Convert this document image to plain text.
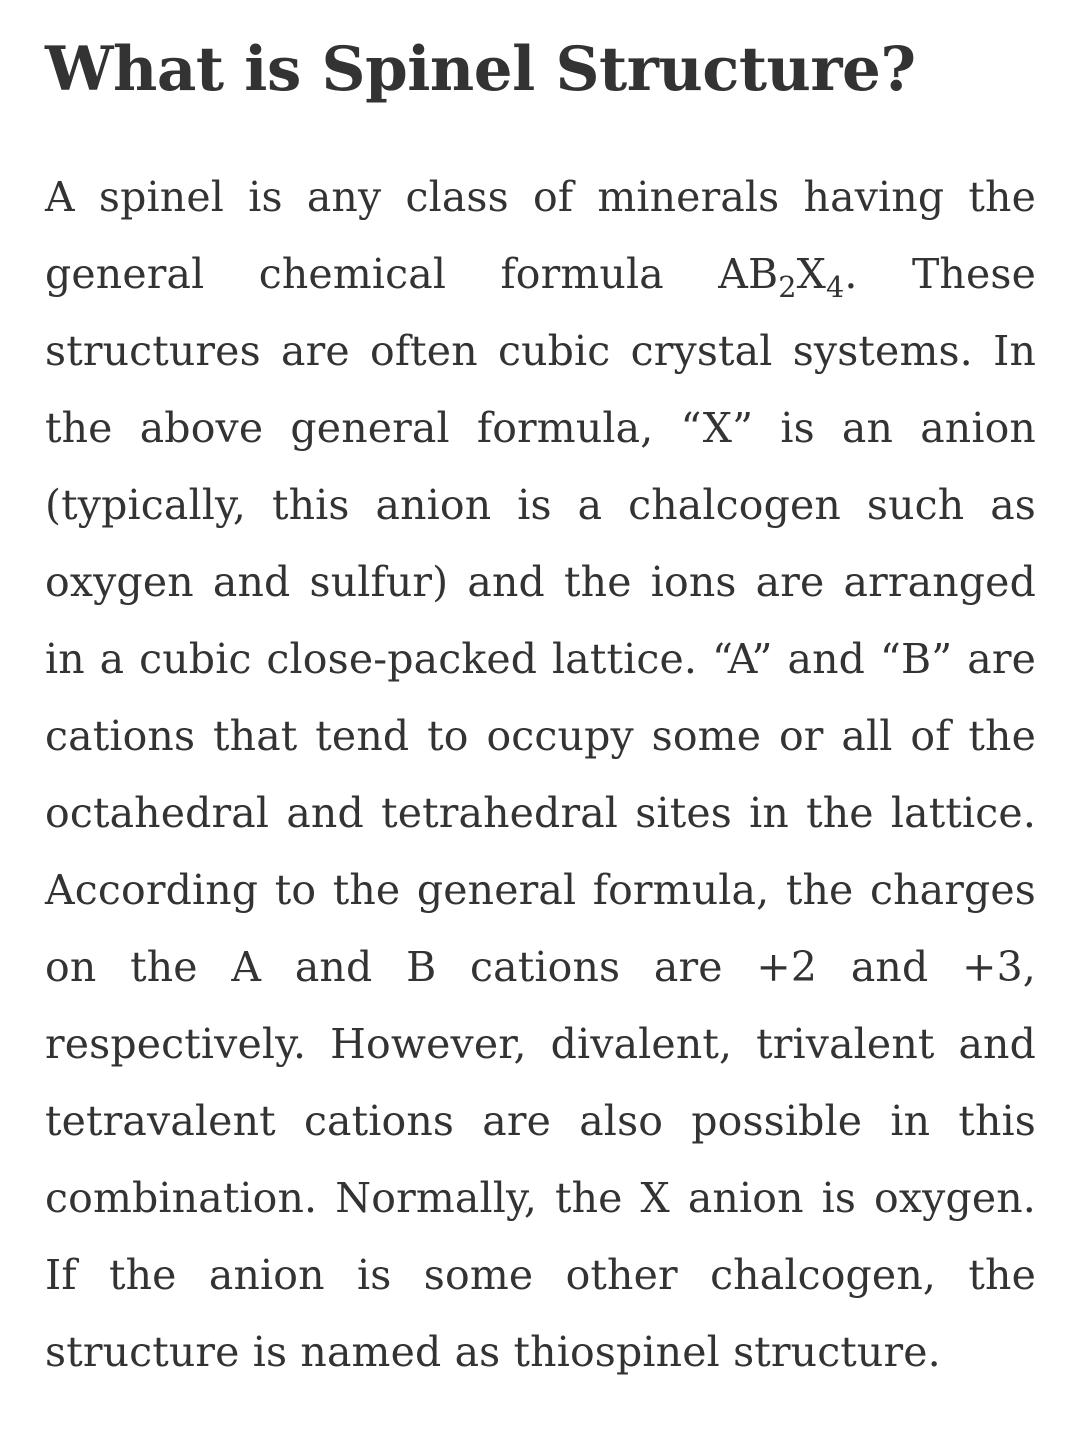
What is Spinel Structure?

A spinel is any class of minerals having the general chemical formula $AB_2X_4$. These structures are often cubic crystal systems. In the above general formula, “X” is an anion (typically, this anion is a chalcogen such as oxygen and sulfur) and the ions are arranged in a cubic close-packed lattice. “A” and “B” are cations that tend to occupy some or all of the octahedral and tetrahedral sites in the lattice. According to the general formula, the charges on the A and B cations are +2 and +3, respectively. However, divalent, trivalent and tetravalent cations are also possible in this combination. Normally, the X anion is oxygen. If the anion is some other chalcogen, the structure is named as thiospinel structure.
